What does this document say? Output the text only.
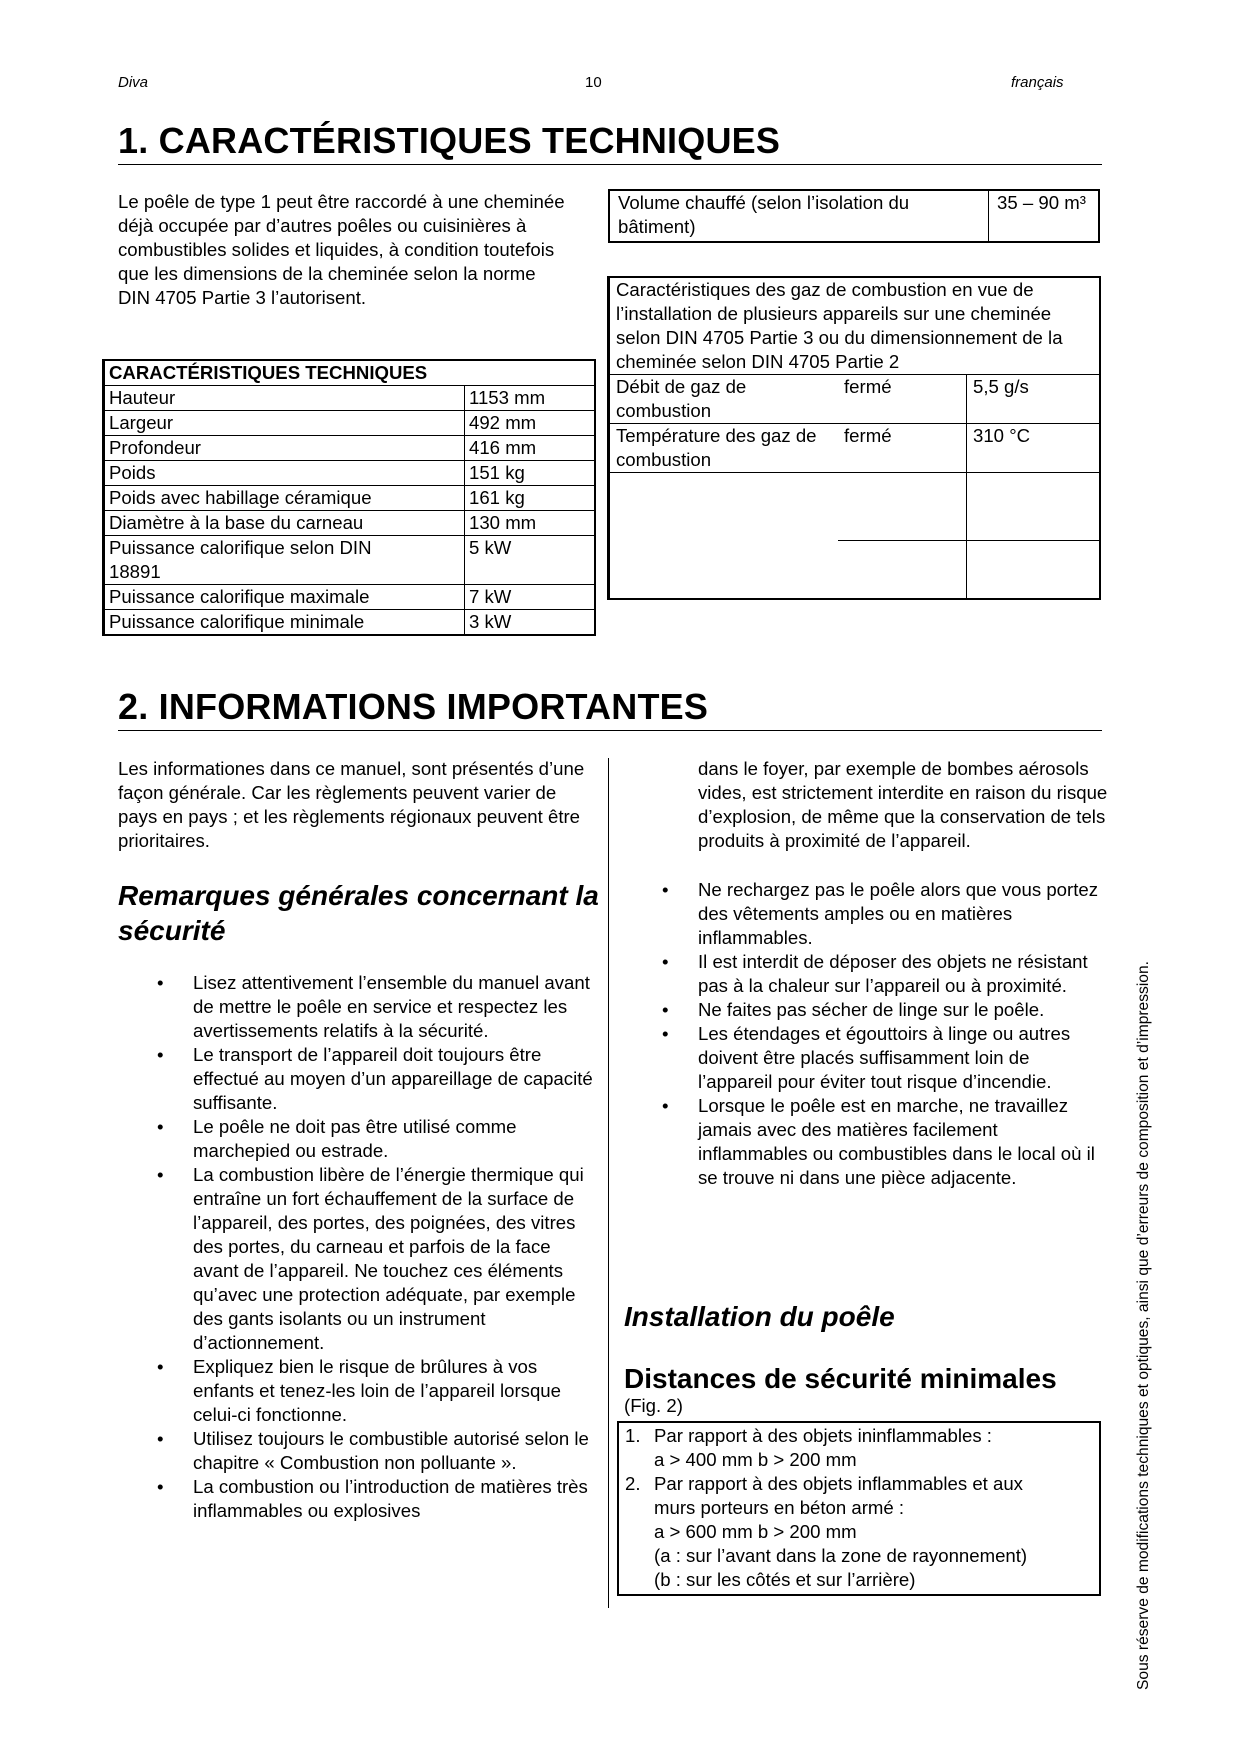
Diva	10	français
1. CARACTÉRISTIQUES TECHNIQUES
Le poêle de type 1 peut être raccordé à une cheminée déjà occupée par d’autres poêles ou cuisinières à combustibles solides et liquides, à condition toutefois que les dimensions de la cheminée selon la norme DIN 4705 Partie 3 l’autorisent.
CARACTÉRISTIQUES TECHNIQUES	
Hauteur	1153 mm
Largeur	492 mm
Profondeur	416 mm
Poids	151 kg
Poids avec habillage céramique	161 kg
Diamètre à la base du carneau	130 mm
Puissance calorifique selon DIN 18891	5 kW
Puissance calorifique maximale	7 kW
Puissance calorifique minimale	3 kW
Volume chauffé (selon l’isolation du bâtiment)	35 – 90 m³
Caractéristiques des gaz de combustion en vue de l’installation de plusieurs appareils sur une cheminée selon DIN 4705 Partie 3 ou du dimensionnement de la cheminée selon DIN 4705 Partie 2		
Débit de gaz de combustion	fermé	5,5 g/s
Température des gaz de combustion	fermé	310 °C

2. INFORMATIONS IMPORTANTES
Les informationes dans ce manuel, sont présentés d’une façon générale. Car les règlements peuvent varier de pays en pays ; et les règlements régionaux peuvent être prioritaires.
Remarques générales concernant la sécurité
• Lisez attentivement l’ensemble du manuel avant de mettre le poêle en service et respectez les avertissements relatifs à la sécurité.
• Le transport de l’appareil doit toujours être effectué au moyen d’un appareillage de capacité suffisante.
• Le poêle ne doit pas être utilisé comme marchepied ou estrade.
• La combustion libère de l’énergie thermique qui entraîne un fort échauffement de la surface de l’appareil, des portes, des poignées, des vitres des portes, du carneau et parfois de la face avant de l’appareil. Ne touchez ces éléments qu’avec une protection adéquate, par exemple des gants isolants ou un instrument d’actionnement.
• Expliquez bien le risque de brûlures à vos enfants et tenez-les loin de l’appareil lorsque celui-ci fonctionne.
• Utilisez toujours le combustible autorisé selon le chapitre « Combustion non polluante ».
• La combustion ou l’introduction de matières très inflammables ou explosives
dans le foyer, par exemple de bombes aérosols vides, est strictement interdite en raison du risque d’explosion, de même que la conservation de tels produits à proximité de l’appareil.
• Ne rechargez pas le poêle alors que vous portez des vêtements amples ou en matières inflammables.
• Il est interdit de déposer des objets ne résistant pas à la chaleur sur l’appareil ou à proximité.
• Ne faites pas sécher de linge sur le poêle.
• Les étendages et égouttoirs à linge ou autres doivent être placés suffisamment loin de l’appareil pour éviter tout risque d’incendie.
• Lorsque le poêle est en marche, ne travaillez jamais avec des matières facilement inflammables ou combustibles dans le local où il se trouve ni dans une pièce adjacente.
Installation du poêle
Distances de sécurité minimales
(Fig. 2)
1. Par rapport à des objets ininflammables :
a > 400 mm b > 200 mm
2. Par rapport à des objets inflammables et aux
murs porteurs en béton armé :
a > 600 mm b > 200 mm
(a : sur l’avant dans la zone de rayonnement)
(b : sur les côtés et sur l’arrière)	Sous réserve de modifications techniques et optiques, ainsi que d’erreurs de composition et d’impression.
